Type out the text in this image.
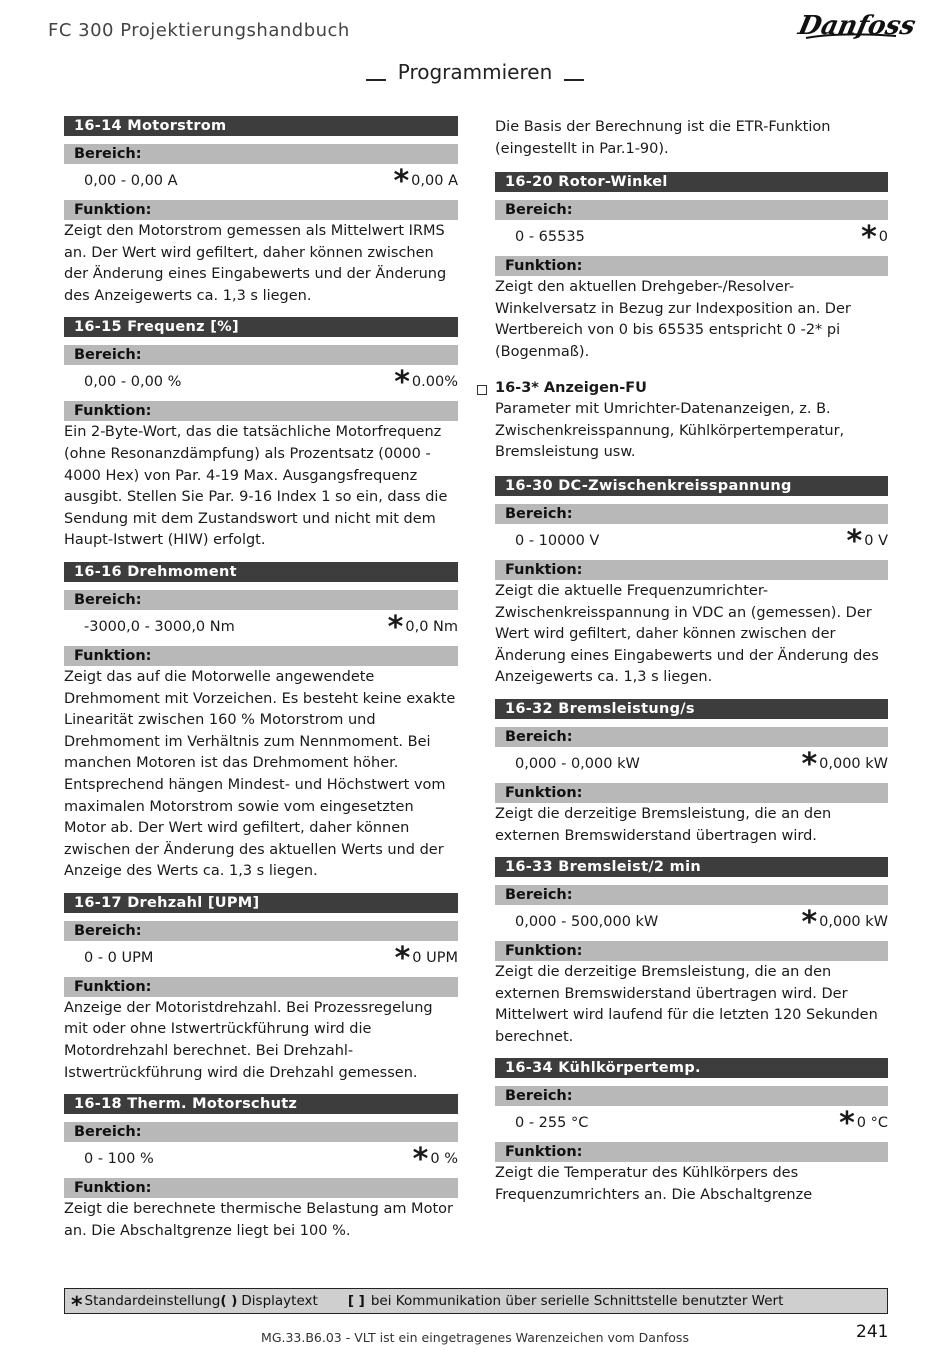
FC 300 Projektierungshandbuch	Danfoss
Programmieren
16-14 Motorstrom
Bereich:
0,00 - 0,00 A	* 0,00 A
Funktion:
Zeigt den Motorstrom gemessen als Mittelwert IRMS an. Der Wert wird gefiltert, daher können zwischen der Änderung eines Eingabewerts und der Änderung des Anzeigewerts ca. 1,3 s liegen.
16-15 Frequenz [%]
Bereich:
0,00 - 0,00 %	* 0.00%
Funktion:
Ein 2-Byte-Wort, das die tatsächliche Motorfrequenz (ohne Resonanzdämpfung) als Prozentsatz (0000 - 4000 Hex) von Par. 4-19 Max. Ausgangsfrequenz ausgibt. Stellen Sie Par. 9-16 Index 1 so ein, dass die Sendung mit dem Zustandswort und nicht mit dem Haupt-Istwert (HIW) erfolgt.
16-16 Drehmoment
Bereich:
-3000,0 - 3000,0 Nm	* 0,0 Nm
Funktion:
Zeigt das auf die Motorwelle angewendete Drehmoment mit Vorzeichen. Es besteht keine exakte Linearität zwischen 160 % Motorstrom und Drehmoment im Verhältnis zum Nennmoment. Bei manchen Motoren ist das Drehmoment höher. Entsprechend hängen Mindest- und Höchstwert vom maximalen Motorstrom sowie vom eingesetzten Motor ab. Der Wert wird gefiltert, daher können zwischen der Änderung des aktuellen Werts und der Anzeige des Werts ca. 1,3 s liegen.
16-17 Drehzahl [UPM]
Bereich:
0 - 0 UPM	* 0 UPM
Funktion:
Anzeige der Motoristdrehzahl. Bei Prozessregelung mit oder ohne Istwertrückführung wird die Motordrehzahl berechnet. Bei Drehzahl-Istwertrückführung wird die Drehzahl gemessen.
16-18 Therm. Motorschutz
Bereich:
0 - 100 %	* 0 %
Funktion:
Zeigt die berechnete thermische Belastung am Motor an. Die Abschaltgrenze liegt bei 100 %.
Die Basis der Berechnung ist die ETR-Funktion (eingestellt in Par.1-90).
16-20 Rotor-Winkel
Bereich:
0 - 65535	* 0
Funktion:
Zeigt den aktuellen Drehgeber-/Resolver-Winkelversatz in Bezug zur Indexposition an. Der Wertbereich von 0 bis 65535 entspricht 0 -2* pi (Bogenmaß).
16-3* Anzeigen-FU
Parameter mit Umrichter-Datenanzeigen, z. B. Zwischenkreisspannung, Kühlkörpertemperatur, Bremsleistung usw.
16-30 DC-Zwischenkreisspannung
Bereich:
0 - 10000 V	* 0 V
Funktion:
Zeigt die aktuelle Frequenzumrichter-Zwischenkreisspannung in VDC an (gemessen). Der Wert wird gefiltert, daher können zwischen der Änderung eines Eingabewerts und der Änderung des Anzeigewerts ca. 1,3 s liegen.
16-32 Bremsleistung/s
Bereich:
0,000 - 0,000 kW	* 0,000 kW
Funktion:
Zeigt die derzeitige Bremsleistung, die an den externen Bremswiderstand übertragen wird.
16-33 Bremsleist/2 min
Bereich:
0,000 - 500,000 kW	* 0,000 kW
Funktion:
Zeigt die derzeitige Bremsleistung, die an den externen Bremswiderstand übertragen wird. Der Mittelwert wird laufend für die letzten 120 Sekunden berechnet.
16-34 Kühlkörpertemp.
Bereich:
0 - 255 °C	* 0 °C
Funktion:
Zeigt die Temperatur des Kühlkörpers des Frequenzumrichters an. Die Abschaltgrenze
* Standardeinstellung ( ) Displaytext [ ] bei Kommunikation über serielle Schnittstelle benutzter Wert
MG.33.B6.03 - VLT ist ein eingetragenes Warenzeichen vom Danfoss	241
